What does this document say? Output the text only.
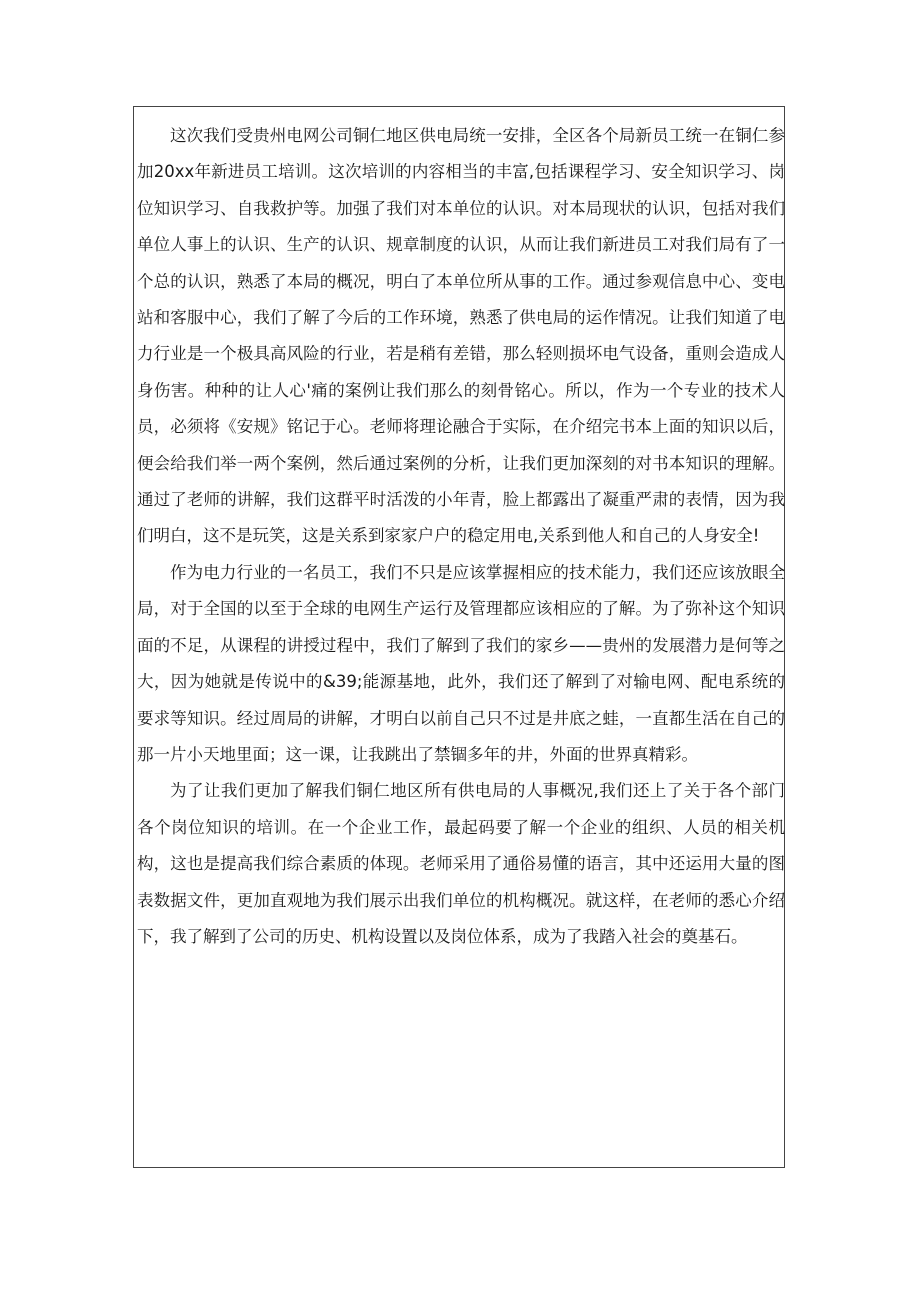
这次我们受贵州电网公司铜仁地区供电局统一安排，全区各个局新员工统一在铜仁参加20xx年新进员工培训。这次培训的内容相当的丰富,包括课程学习、安全知识学习、岗位知识学习、自我救护等。加强了我们对本单位的认识。对本局现状的认识，包括对我们单位人事上的认识、生产的认识、规章制度的认识，从而让我们新进员工对我们局有了一个总的认识，熟悉了本局的概况，明白了本单位所从事的工作。通过参观信息中心、变电站和客服中心，我们了解了今后的工作环境，熟悉了供电局的运作情况。让我们知道了电力行业是一个极具高风险的行业，若是稍有差错，那么轻则损坏电气设备，重则会造成人身伤害。种种的让人心'痛的案例让我们那么的刻骨铭心。所以，作为一个专业的技术人员，必须将《安规》铭记于心。老师将理论融合于实际，在介绍完书本上面的知识以后，便会给我们举一两个案例，然后通过案例的分析，让我们更加深刻的对书本知识的理解。通过了老师的讲解，我们这群平时活泼的小年青，脸上都露出了凝重严肃的表情，因为我们明白，这不是玩笑，这是关系到家家户户的稳定用电,关系到他人和自己的人身安全!

作为电力行业的一名员工，我们不只是应该掌握相应的技术能力，我们还应该放眼全局，对于全国的以至于全球的电网生产运行及管理都应该相应的了解。为了弥补这个知识面的不足，从课程的讲授过程中，我们了解到了我们的家乡——贵州的发展潜力是何等之大，因为她就是传说中的&39;能源基地，此外，我们还了解到了对输电网、配电系统的要求等知识。经过周局的讲解，才明白以前自己只不过是井底之蛙，一直都生活在自己的那一片小天地里面；这一课，让我跳出了禁锢多年的井，外面的世界真精彩。

为了让我们更加了解我们铜仁地区所有供电局的人事概况,我们还上了关于各个部门各个岗位知识的培训。在一个企业工作，最起码要了解一个企业的组织、人员的相关机构，这也是提高我们综合素质的体现。老师采用了通俗易懂的语言，其中还运用大量的图表数据文件，更加直观地为我们展示出我们单位的机构概况。就这样，在老师的悉心介绍下，我了解到了公司的历史、机构设置以及岗位体系，成为了我踏入社会的奠基石。
